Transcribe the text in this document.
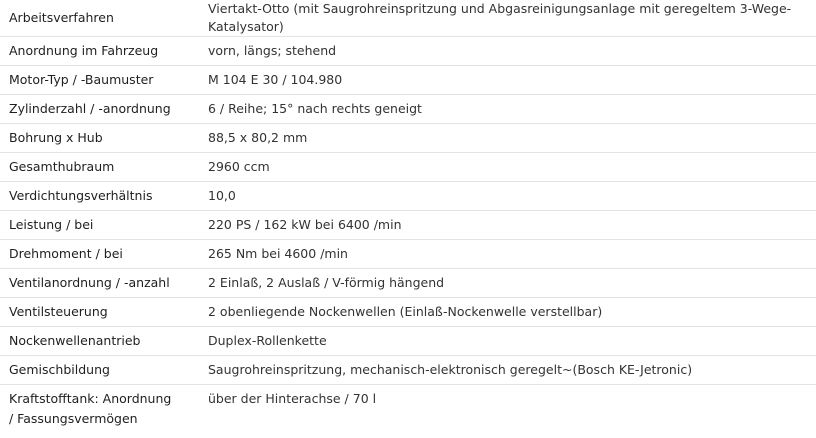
Arbeitsverfahren	Viertakt-Otto (mit Saugrohreinspritzung und Abgasreinigungsanlage mit geregeltem 3-Wege-Katalysator)
Anordnung im Fahrzeug	vorn, längs; stehend
Motor-Typ / -Baumuster	M 104 E 30 / 104.980
Zylinderzahl / -anordnung	6 / Reihe; 15° nach rechts geneigt
Bohrung x Hub	88,5 x 80,2 mm
Gesamthubraum	2960 ccm
Verdichtungsverhältnis	10,0
Leistung / bei	220 PS / 162 kW bei 6400 /min
Drehmoment / bei	265 Nm bei 4600 /min
Ventilanordnung / -anzahl	2 Einlaß, 2 Auslaß / V-förmig hängend
Ventilsteuerung	2 obenliegende Nockenwellen (Einlaß-Nockenwelle verstellbar)
Nockenwellenantrieb	Duplex-Rollenkette
Gemischbildung	Saugrohreinspritzung, mechanisch-elektronisch geregelt~(Bosch KE-Jetronic)
Kraftstofftank: Anordnung / Fassungsvermögen	über der Hinterachse / 70 l
